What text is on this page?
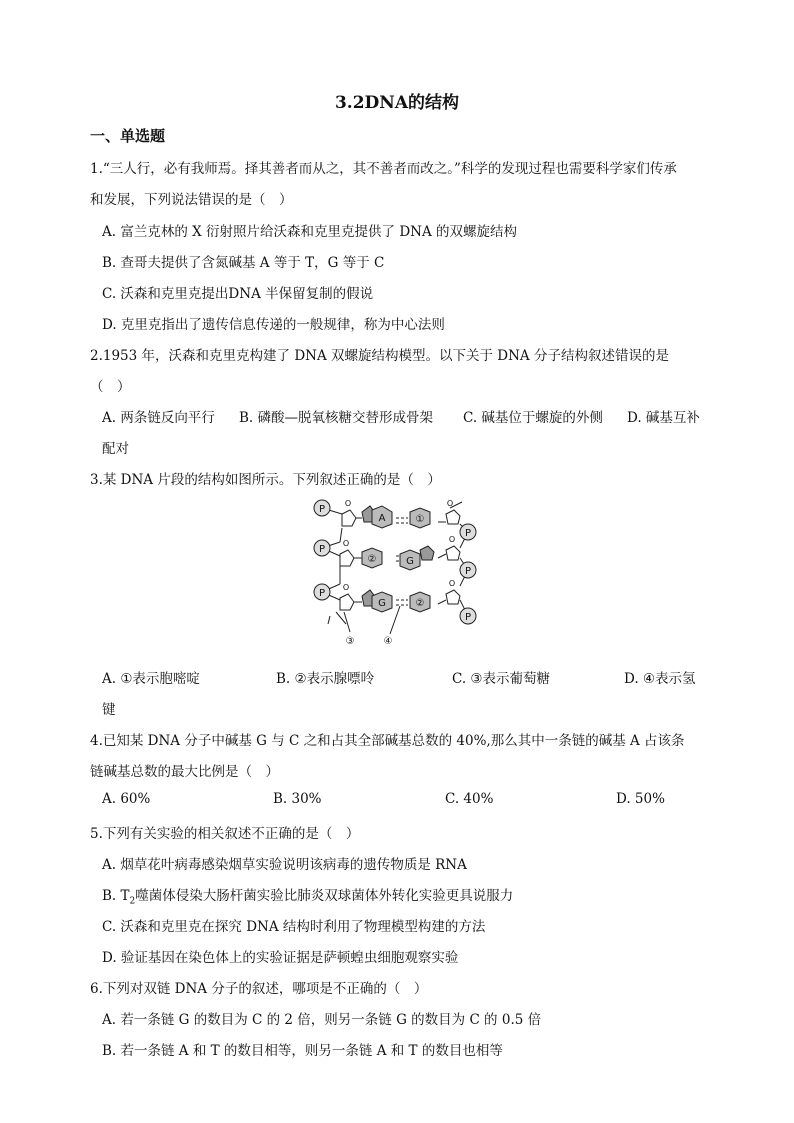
3.2DNA的结构
一、单选题
1.“三人行，必有我师焉。择其善者而从之，其不善者而改之。”科学的发现过程也需要科学家们传承
和发展，下列说法错误的是（　）
A. 富兰克林的 X 衍射照片给沃森和克里克提供了 DNA 的双螺旋结构
B. 查哥夫提供了含氮碱基 A 等于 T，G 等于 C
C. 沃森和克里克提出DNA 半保留复制的假说
D. 克里克指出了遗传信息传递的一般规律，称为中心法则
2.1953 年，沃森和克里克构建了 DNA 双螺旋结构模型。以下关于 DNA 分子结构叙述错误的是
（　）
A. 两条链反向平行 B. 磷酸—脱氧核糖交替形成骨架 C. 碱基位于螺旋的外侧 D. 碱基互补
配对
3.某 DNA 片段的结构如图所示。下列叙述正确的是（　）
P
P
P
P
P
P
O
O
O
O
O
O
A	①
②	G
G	②
③	④
A. ①表示胞嘧啶	B. ②表示腺嘌呤	C. ③表示葡萄糖	D. ④表示氢
键
4.已知某 DNA 分子中碱基 G 与 C 之和占其全部碱基总数的 40%,那么其中一条链的碱基 A 占该条
链碱基总数的最大比例是（　）
A. 60%	B. 30%	C. 40%	D. 50%
5.下列有关实验的相关叙述不正确的是（　）
A. 烟草花叶病毒感染烟草实验说明该病毒的遗传物质是 RNA
B. $T_2$噬菌体侵染大肠杆菌实验比肺炎双球菌体外转化实验更具说服力
C. 沃森和克里克在探究 DNA 结构时利用了物理模型构建的方法
D. 验证基因在染色体上的实验证据是萨顿蝗虫细胞观察实验
6.下列对双链 DNA 分子的叙述，哪项是不正确的（　）
A. 若一条链 G 的数目为 C 的 2 倍，则另一条链 G 的数目为 C 的 0.5 倍
B. 若一条链 A 和 T 的数目相等，则另一条链 A 和 T 的数目也相等
